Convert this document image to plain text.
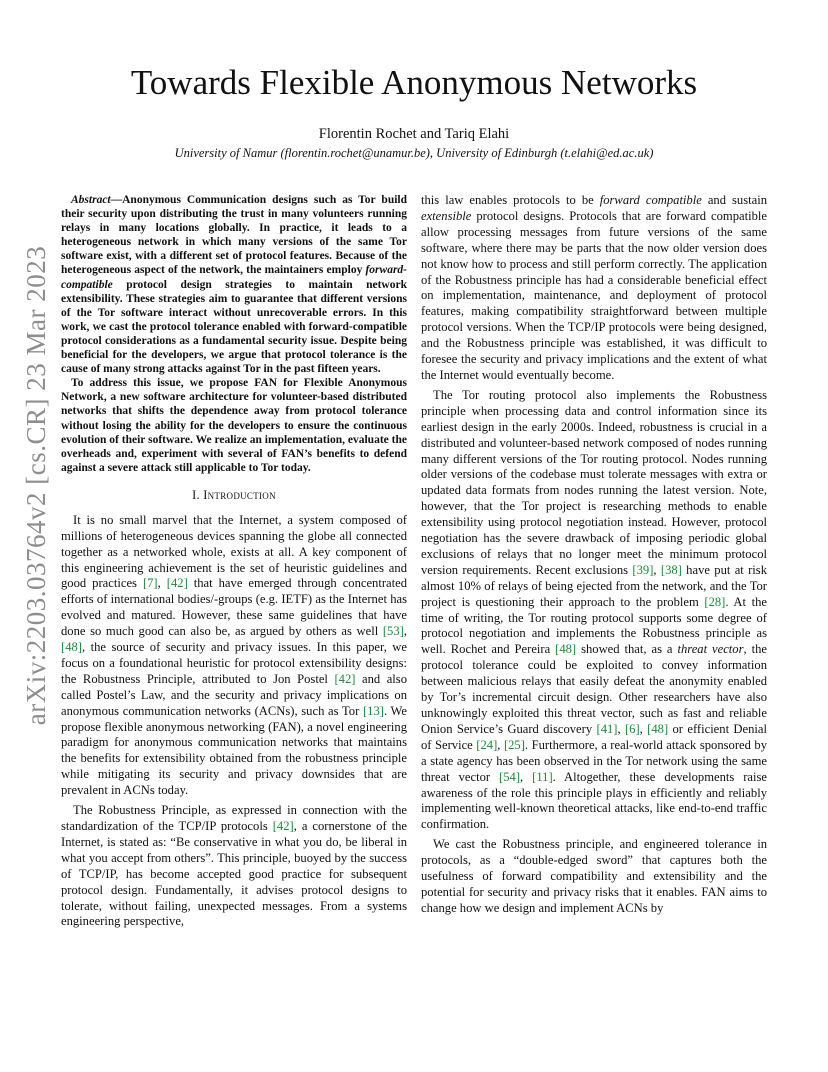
arXiv:2203.03764v2 [cs.CR] 23 Mar 2023
Towards Flexible Anonymous Networks
Florentin Rochet and Tariq Elahi
University of Namur (florentin.rochet@unamur.be), University of Edinburgh (t.elahi@ed.ac.uk)

Abstract—Anonymous Communication designs such as Tor build their security upon distributing the trust in many volunteers running relays in many locations globally. In practice, it leads to a heterogeneous network in which many versions of the same Tor software exist, with a different set of protocol features. Because of the heterogeneous aspect of the network, the maintainers employ forward-compatible protocol design strategies to maintain network extensibility. These strategies aim to guarantee that different versions of the Tor software interact without unrecoverable errors. In this work, we cast the protocol tolerance enabled with forward-compatible protocol considerations as a fundamental security issue. Despite being beneficial for the developers, we argue that protocol tolerance is the cause of many strong attacks against Tor in the past fifteen years.

To address this issue, we propose FAN for Flexible Anonymous Network, a new software architecture for volunteer-based distributed networks that shifts the dependence away from protocol tolerance without losing the ability for the developers to ensure the continuous evolution of their software. We realize an implementation, evaluate the overheads and, experiment with several of FAN’s benefits to defend against a severe attack still applicable to Tor today.

I. Introduction

It is no small marvel that the Internet, a system composed of millions of heterogeneous devices spanning the globe all connected together as a networked whole, exists at all. A key component of this engineering achievement is the set of heuristic guidelines and good practices [7], [42] that have emerged through concentrated efforts of international bodies/-groups (e.g. IETF) as the Internet has evolved and matured. However, these same guidelines that have done so much good can also be, as argued by others as well [53], [48], the source of security and privacy issues. In this paper, we focus on a foundational heuristic for protocol extensibility designs: the Robustness Principle, attributed to Jon Postel [42] and also called Postel’s Law, and the security and privacy implications on anonymous communication networks (ACNs), such as Tor [13]. We propose flexible anonymous networking (FAN), a novel engineering paradigm for anonymous communication networks that maintains the benefits for extensibility obtained from the robustness principle while mitigating its security and privacy downsides that are prevalent in ACNs today.

The Robustness Principle, as expressed in connection with the standardization of the TCP/IP protocols [42], a cornerstone of the Internet, is stated as: “Be conservative in what you do, be liberal in what you accept from others”. This principle, buoyed by the success of TCP/IP, has become accepted good practice for subsequent protocol design. Fundamentally, it advises protocol designs to tolerate, without failing, unexpected messages. From a systems engineering perspective,

this law enables protocols to be forward compatible and sustain extensible protocol designs. Protocols that are forward compatible allow processing messages from future versions of the same software, where there may be parts that the now older version does not know how to process and still perform correctly. The application of the Robustness principle has had a considerable beneficial effect on implementation, maintenance, and deployment of protocol features, making compatibility straightforward between multiple protocol versions. When the TCP/IP protocols were being designed, and the Robustness principle was established, it was difficult to foresee the security and privacy implications and the extent of what the Internet would eventually become.

The Tor routing protocol also implements the Robustness principle when processing data and control information since its earliest design in the early 2000s. Indeed, robustness is crucial in a distributed and volunteer-based network composed of nodes running many different versions of the Tor routing protocol. Nodes running older versions of the codebase must tolerate messages with extra or updated data formats from nodes running the latest version. Note, however, that the Tor project is researching methods to enable extensibility using protocol negotiation instead. However, protocol negotiation has the severe drawback of imposing periodic global exclusions of relays that no longer meet the minimum protocol version requirements. Recent exclusions [39], [38] have put at risk almost 10% of relays of being ejected from the network, and the Tor project is questioning their approach to the problem [28]. At the time of writing, the Tor routing protocol supports some degree of protocol negotiation and implements the Robustness principle as well. Rochet and Pereira [48] showed that, as a threat vector, the protocol tolerance could be exploited to convey information between malicious relays that easily defeat the anonymity enabled by Tor’s incremental circuit design. Other researchers have also unknowingly exploited this threat vector, such as fast and reliable Onion Service’s Guard discovery [41], [6], [48] or efficient Denial of Service [24], [25]. Furthermore, a real-world attack sponsored by a state agency has been observed in the Tor network using the same threat vector [54], [11]. Altogether, these developments raise awareness of the role this principle plays in efficiently and reliably implementing well-known theoretical attacks, like end-to-end traffic confirmation.

We cast the Robustness principle, and engineered tolerance in protocols, as a “double-edged sword” that captures both the usefulness of forward compatibility and extensibility and the potential for security and privacy risks that it enables. FAN aims to change how we design and implement ACNs by
